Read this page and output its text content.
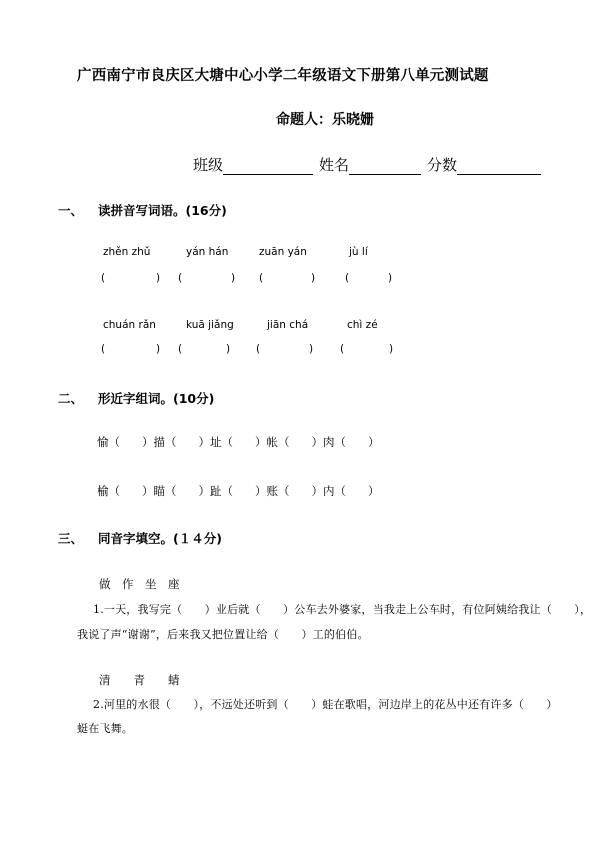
广西南宁市良庆区大塘中心小学二年级语文下册第八单元测试题
命题人：乐晓姗
班级	姓名	分数
一、 读拼音写词语。(16分)
zhěn zhǔ	yán hán	zuān yán	jù lí
(	) (	) (	)	(	)
chuán rǎn	kuā jiǎng	jiān chá	chì zé
(	) (	) (	)	(	)
二、 形近字组词。(10分)
愉（ ）描（ ）址（ ）帐（ ）肉（ ）
榆（ ）瞄（ ）趾（ ）账（ ）内（ ）
三、 同音字填空。(１４分)
做　作　坐　座
1.一天，我写完（　　）业后就（　　）公车去外婆家，当我走上公车时，有位阿姨给我让（　　），
我说了声“谢谢”，后来我又把位置让给（　　）工的伯伯。
清　　青　　蜻
2.河里的水很（　　），不远处还听到（　　）蛙在歌唱，河边岸上的花丛中还有许多（　　）
蜓在飞舞。
